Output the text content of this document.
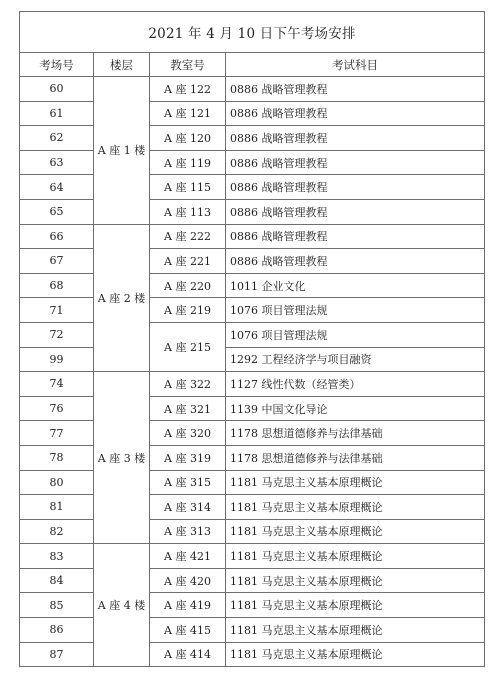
2021 年 4 月 10 日下午考场安排			
考场号	楼层	教室号	考试科目
60	A 座 1 楼	A 座 122	0886 战略管理教程
61		A 座 121	0886 战略管理教程
62		A 座 120	0886 战略管理教程
63		A 座 119	0886 战略管理教程
64		A 座 115	0886 战略管理教程
65		A 座 113	0886 战略管理教程
66	A 座 2 楼	A 座 222	0886 战略管理教程
67		A 座 221	0886 战略管理教程
68		A 座 220	1011 企业文化
71		A 座 219	1076 项目管理法规
72		A 座 215	1076 项目管理法规
99			1292 工程经济学与项目融资
74	A 座 3 楼	A 座 322	1127 线性代数（经管类）
76		A 座 321	1139 中国文化导论
77		A 座 320	1178 思想道德修养与法律基础
78		A 座 319	1178 思想道德修养与法律基础
80		A 座 315	1181 马克思主义基本原理概论
81		A 座 314	1181 马克思主义基本原理概论
82		A 座 313	1181 马克思主义基本原理概论
83	A 座 4 楼	A 座 421	1181 马克思主义基本原理概论
84		A 座 420	1181 马克思主义基本原理概论
85		A 座 419	1181 马克思主义基本原理概论
86		A 座 415	1181 马克思主义基本原理概论
87		A 座 414	1181 马克思主义基本原理概论
